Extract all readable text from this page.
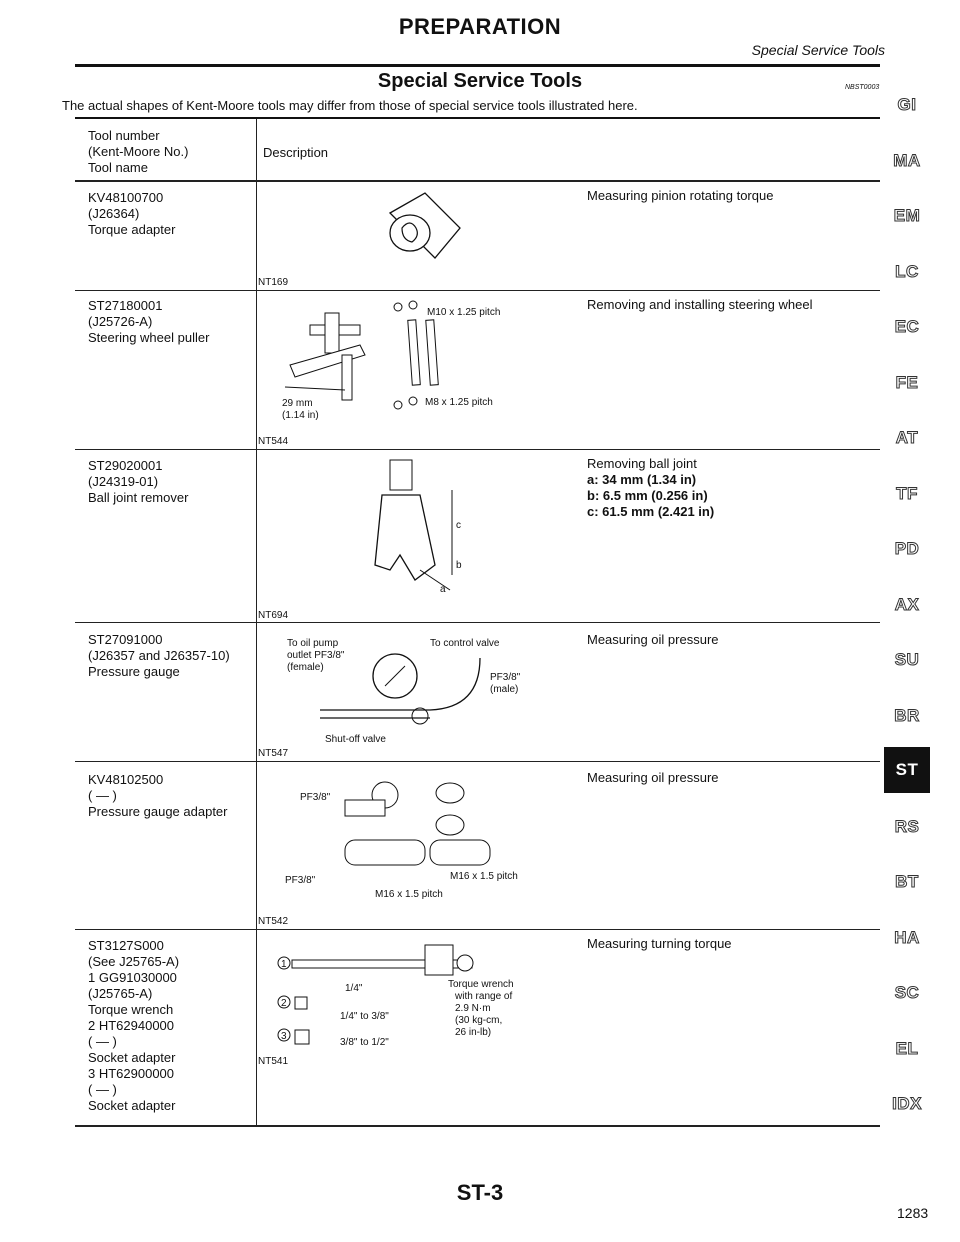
PREPARATION
Special Service Tools
Special Service Tools	NBST0003
The actual shapes of Kent-Moore tools may differ from those of special service tools illustrated here.
Tool number
(Kent-Moore No.)
Tool name
Description
KV48100700
(J26364)
Torque adapter
Measuring pinion rotating torque
NT169
ST27180001
(J25726-A)
Steering wheel puller
Removing and installing steering wheel
NT544
M10 x 1.25 pitch
M8 x 1.25 pitch
29 mm
(1.14 in)
ST29020001
(J24319-01)
Ball joint remover
Removing ball joint
a: 34 mm (1.34 in)
b: 6.5 mm (0.256 in)
c: 61.5 mm (2.421 in)
NT694
c
b
a
ST27091000
(J26357 and J26357-10)
Pressure gauge
Measuring oil pressure
NT547
To oil pump
outlet PF3/8"
(female)
To control valve
PF3/8"
(male)
Shut-off valve
KV48102500
( — )
Pressure gauge adapter
Measuring oil pressure
NT542
PF3/8"
PF3/8"	M16 x 1.5 pitch
M16 x 1.5 pitch
ST3127S000
(See J25765-A)
1 GG91030000
(J25765-A)
Torque wrench
2 HT62940000
( — )
Socket adapter
3 HT62900000
( — )
Socket adapter
Measuring turning torque
NT541
1
2
3
1/4"
1/4" to 3/8"
3/8" to 1/2"
Torque wrench
with range of
2.9 N·m
(30 kg-cm,
26 in-lb)
GI
MA
EM
LC
EC
FE
AT
TF
PD
AX
SU
BR
ST
RS
BT
HA
SC
EL
IDX
ST-3
1283
